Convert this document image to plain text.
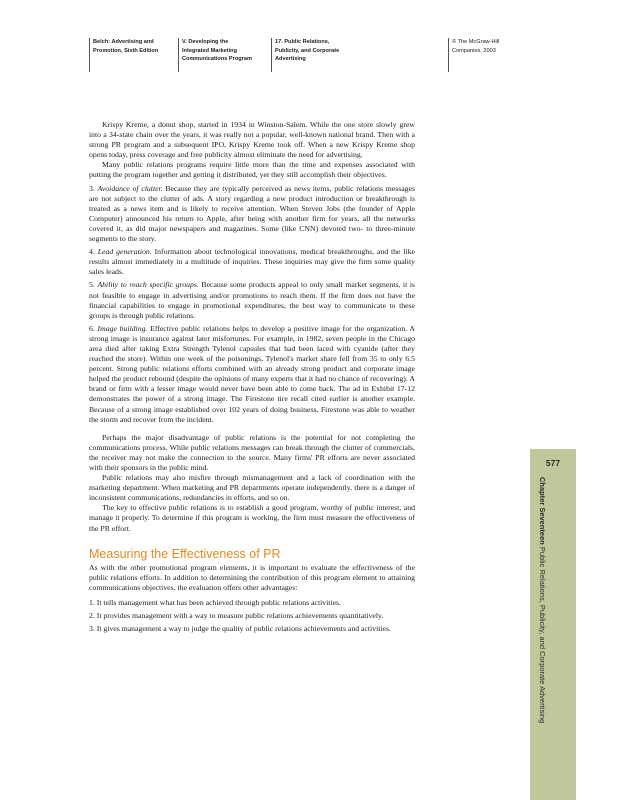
Belch: Advertising and
Promotion, Sixth Edition
V. Developing the
Integrated Marketing
Communications Program
17. Public Relations,
Publicity, and Corporate
Advertising
© The McGraw-Hill
Companies, 2003

Krispy Kreme, a donut shop, started in 1934 in Winston-Salem. While the one store slowly grew into a 34-state chain over the years, it was really not a popular, well-known national brand. Then with a strong PR program and a subsequent IPO, Krispy Kreme took off. When a new Krispy Kreme shop opens today, press coverage and free publicity almost eliminate the need for advertising.

Many public relations programs require little more than the time and expenses associated with putting the program together and getting it distributed, yet they still accomplish their objectives.

3. Avoidance of clutter. Because they are typically perceived as news items, public relations messages are not subject to the clutter of ads. A story regarding a new product introduction or breakthrough is treated as a news item and is likely to receive attention. When Steven Jobs (the founder of Apple Computer) announced his return to Apple, after being with another firm for years, all the networks covered it, as did major newspapers and magazines. Some (like CNN) devoted two- to three-minute segments to the story.

4. Lead generation. Information about technological innovations, medical breakthroughs, and the like results almost immediately in a multitude of inquiries. These inquiries may give the firm some quality sales leads.

5. Ability to reach specific groups. Because some products appeal to only small market segments, it is not feasible to engage in advertising and/or promotions to reach them. If the firm does not have the financial capabilities to engage in promotional expenditures, the best way to communicate to these groups is through public relations.

6. Image building. Effective public relations helps to develop a positive image for the organization. A strong image is insurance against later misfortunes. For example, in 1982, seven people in the Chicago area died after taking Extra Strength Tylenol capsules that had been laced with cyanide (after they reached the store). Within one week of the poisonings, Tylenol's market share fell from 35 to only 6.5 percent. Strong public relations efforts combined with an already strong product and corporate image helped the product rebound (despite the opinions of many experts that it had no chance of recovering). A brand or firm with a lesser image would never have been able to come back. The ad in Exhibit 17-12 demonstrates the power of a strong image. The Firestone tire recall cited earlier is another example. Because of a strong image established over 102 years of doing business, Firestone was able to weather the storm and recover from the incident.

Perhaps the major disadvantage of public relations is the potential for not completing the communications process. While public relations messages can break through the clutter of commercials, the receiver may not make the connection to the source. Many firms' PR efforts are never associated with their sponsors in the public mind.

Public relations may also misfire through mismanagement and a lack of coordination with the marketing department. When marketing and PR departments operate independently, there is a danger of inconsistent communications, redundancies in efforts, and so on.

The key to effective public relations is to establish a good program, worthy of public interest, and manage it properly. To determine if this program is working, the firm must measure the effectiveness of the PR effort.

Measuring the Effectiveness of PR

As with the other promotional program elements, it is important to evaluate the effectiveness of the public relations efforts. In addition to determining the contribution of this program element to attaining communications objectives, the evaluation offers other advantages:

1. It tells management what has been achieved through public relations activities.
2. It provides management with a way to measure public relations achievements quantitatively.
3. It gives management a way to judge the quality of public relations achievements and activities.
577
Chapter Seventeen Public Relations, Publicity, and Corporate Advertising
